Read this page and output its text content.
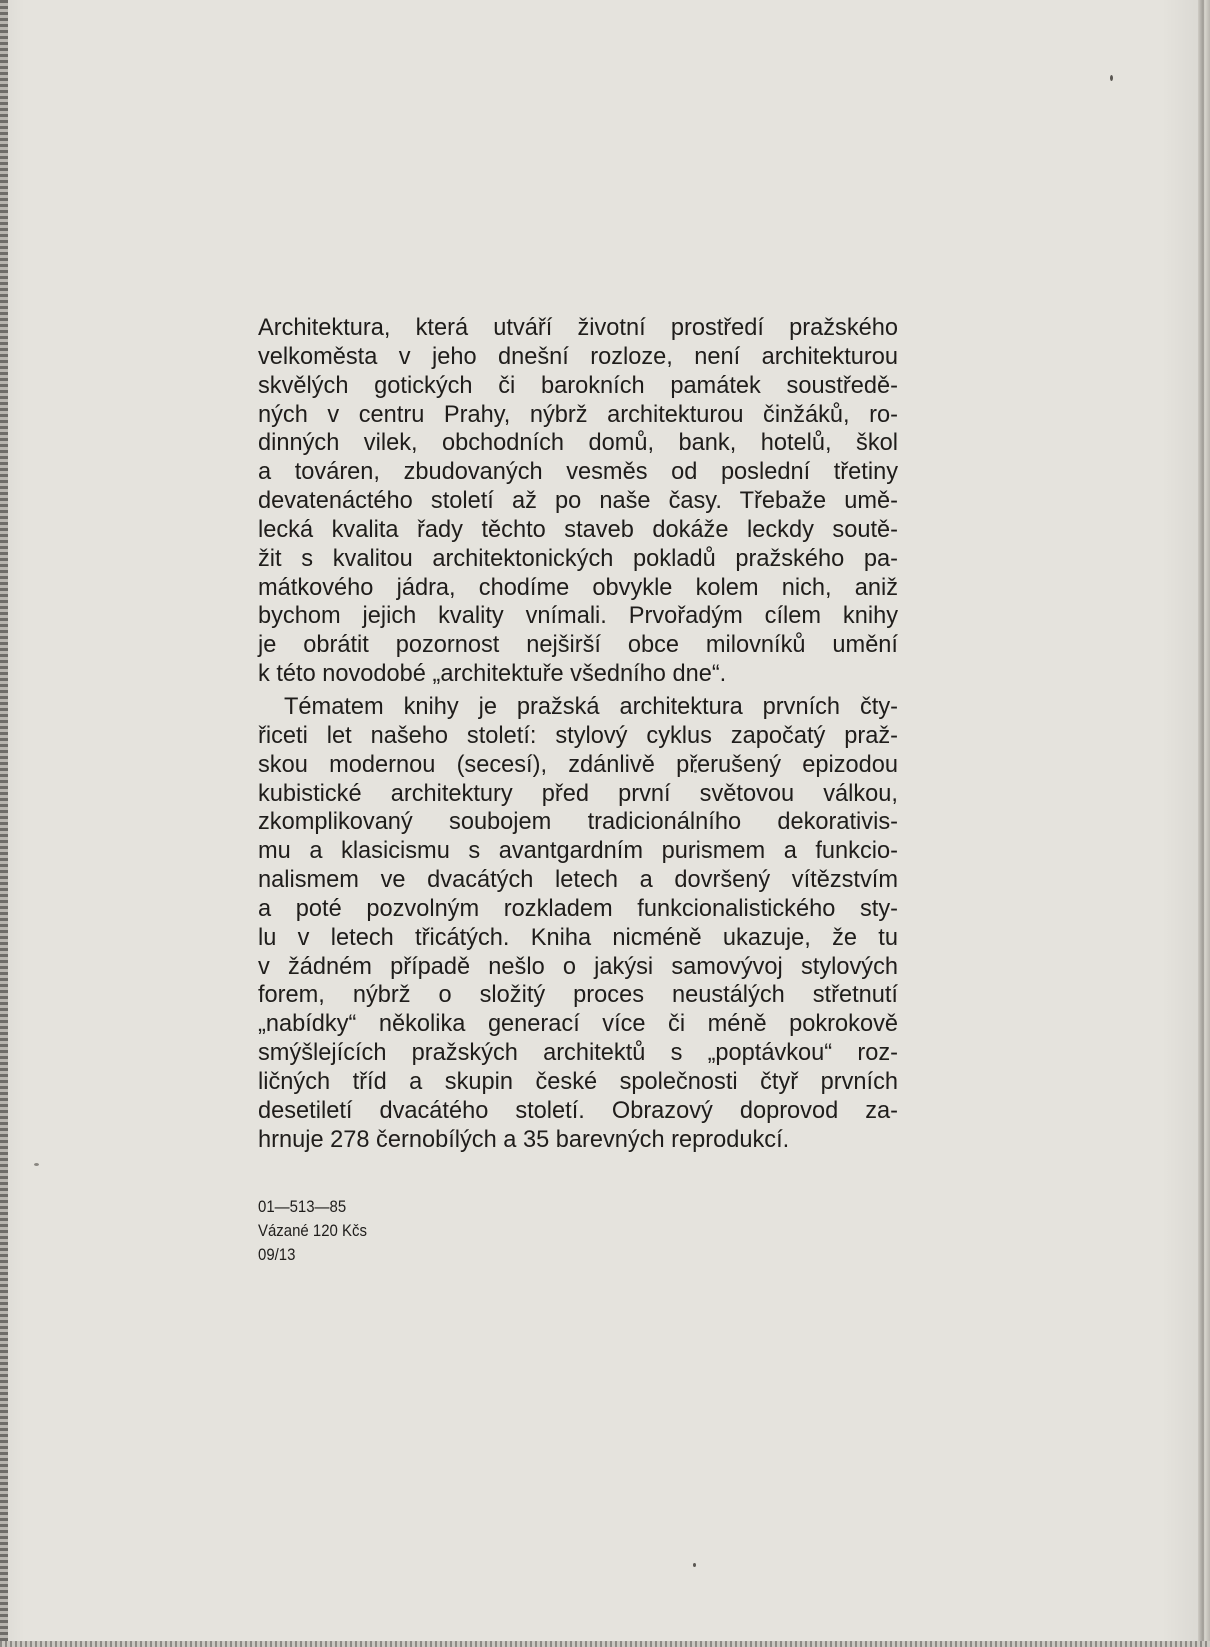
Architektura, která utváří životní prostředí pražského
velkoměsta v jeho dnešní rozloze, není architekturou
skvělých gotických či barokních památek soustředě-
ných v centru Prahy, nýbrž architekturou činžáků, ro-
dinných vilek, obchodních domů, bank, hotelů, škol
a továren, zbudovaných vesměs od poslední třetiny
devatenáctého století až po naše časy. Třebaže umě-
lecká kvalita řady těchto staveb dokáže leckdy soutě-
žit s kvalitou architektonických pokladů pražského pa-
mátkového jádra, chodíme obvykle kolem nich, aniž
bychom jejich kvality vnímali. Prvořadým cílem knihy
je obrátit pozornost nejširší obce milovníků umění
k této novodobé „architektuře všedního dne“.
Tématem knihy je pražská architektura prvních čty-
řiceti let našeho století: stylový cyklus započatý praž-
skou modernou (secesí), zdánlivě přerušený epizodou
kubistické architektury před první světovou válkou,
zkomplikovaný soubojem tradicionálního dekorativis-
mu a klasicismu s avantgardním purismem a funkcio-
nalismem ve dvacátých letech a dovršený vítězstvím
a poté pozvolným rozkladem funkcionalistického sty-
lu v letech třicátých. Kniha nicméně ukazuje, že tu
v žádném případě nešlo o jakýsi samovývoj stylových
forem, nýbrž o složitý proces neustálých střetnutí
„nabídky“ několika generací více či méně pokrokově
smýšlejících pražských architektů s „poptávkou“ roz-
ličných tříd a skupin české společnosti čtyř prvních
desetiletí dvacátého století. Obrazový doprovod za-
hrnuje 278 černobílých a 35 barevných reprodukcí.
01—513—85
Vázané 120 Kčs
09/13
